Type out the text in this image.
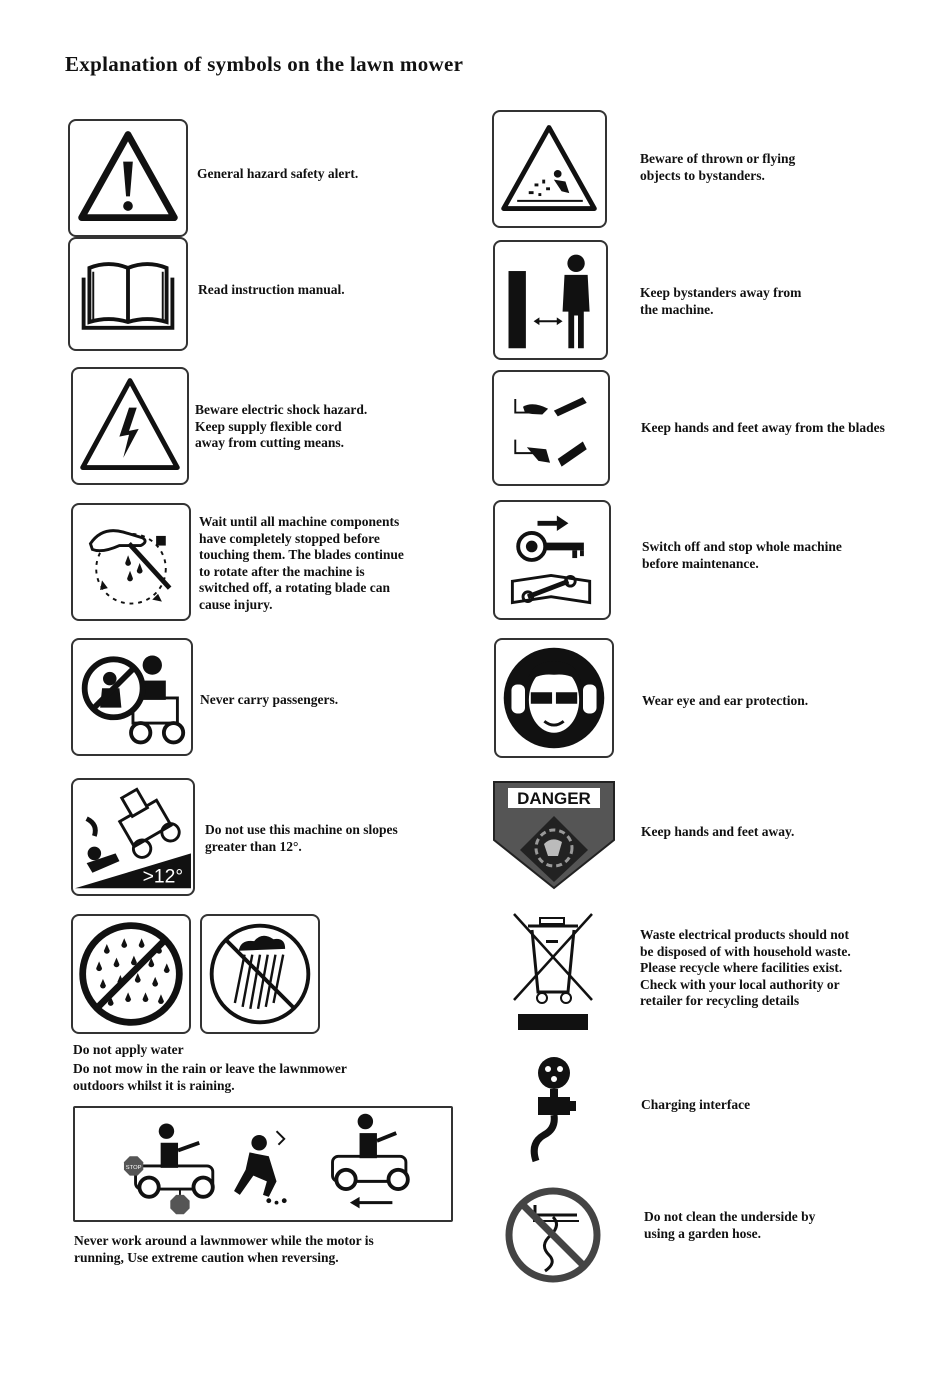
Explanation of symbols on the lawn mower
General hazard safety alert.
Read instruction manual.
Beware electric shock hazard.
Keep supply flexible cord
away from cutting means.
Wait until all machine components
have completely stopped before
touching them. The blades continue
to rotate after the machine is
switched off, a rotating blade can
cause injury.
Never carry passengers.
>12°
Do not use this machine on slopes
greater than 12°.
Do not apply water
Do not mow in the rain or leave the lawnmower
outdoors whilst it is raining.
STOP
Never work around a lawnmower while the motor is
running, Use extreme caution when reversing.
Beware of thrown or flying
objects to bystanders.
Keep bystanders away from
the machine.
Keep hands and feet away from the blades
Switch off and stop whole machine
before maintenance.
Wear eye and ear protection.
DANGER
Keep hands and feet away.
Waste electrical products should not
be disposed of with household waste.
Please recycle where facilities exist.
Check with your local authority or
retailer for recycling details
Charging interface
Do not clean the underside by
using a garden hose.
